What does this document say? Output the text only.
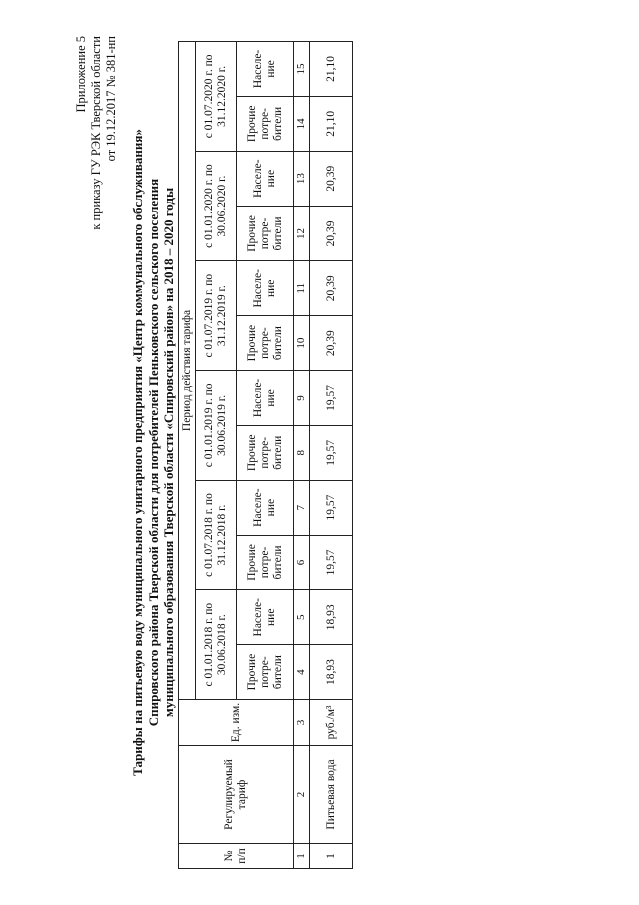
Приложение 5 к приказу ГУ РЭК Тверской области от 19.12.2017 № 381-нп
Тарифы на питьевую воду муниципального унитарного предприятия «Центр коммунального обслуживания» Спировского района Тверской области для потребителей Пеньковского сельского поселения муниципального образования Тверской области «Спировский район» на 2018 – 2020 годы
№ п/п	Регулируемый тариф	Ед. изм.	Период действия тарифа											
			с 01.01.2018 г. по 30.06.2018 г.		с 01.07.2018 г. по 31.12.2018 г.		с 01.01.2019 г. по 30.06.2019 г.		с 01.07.2019 г. по 31.12.2019 г.		с 01.01.2020 г. по 30.06.2020 г.		с 01.07.2020 г. по 31.12.2020 г.	
			Прочие потре-бители	Населе-ние	Прочие потре-бители	Населе-ние	Прочие потре-бители	Населе-ние	Прочие потре-бители	Населе-ние	Прочие потре-бители	Населе-ние	Прочие потре-бители	Населе-ние
1	2	3	4	5	6	7	8	9	10	11	12	13	14	15
1	Питьевая вода	руб./м³	18,93	18,93	19,57	19,57	19,57	19,57	20,39	20,39	20,39	20,39	21,10	21,10
